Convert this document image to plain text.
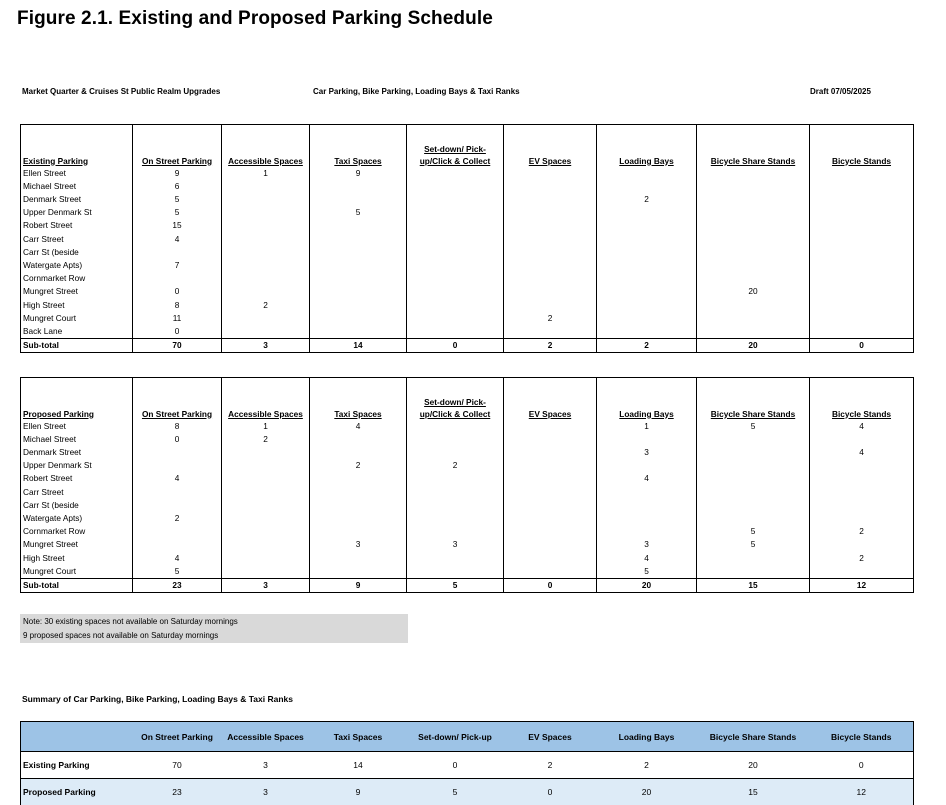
Figure 2.1. Existing and Proposed Parking Schedule
Market Quarter & Cruises St Public Realm Upgrades	Car Parking, Bike Parking, Loading Bays & Taxi Ranks	Draft 07/05/2025
Existing Parking	On Street Parking	Accessible Spaces	Taxi Spaces	Set-down/ Pick-up/Click & Collect	EV Spaces	Loading Bays	Bicycle Share Stands	Bicycle Stands
Ellen Street	9	1	9					
Michael Street	6							
Denmark Street	5					2		
Upper Denmark St	5		5					
Robert Street	15							
Carr Street	4							
Carr St (beside								
Watergate Apts)	7							
Cornmarket Row								
Mungret Street	0						20	
High Street	8	2						
Mungret Court	11				2			
Back Lane	0							
Sub-total	70	3	14	0	2	2	20	0
Proposed Parking	On Street Parking	Accessible Spaces	Taxi Spaces	Set-down/ Pick-up/Click & Collect	EV Spaces	Loading Bays	Bicycle Share Stands	Bicycle Stands
Ellen Street	8	1	4			1	5	4
Michael Street	0	2						
Denmark Street						3		4
Upper Denmark St			2	2				
Robert Street	4					4		
Carr Street								
Carr St (beside								
Watergate Apts)	2							
Cornmarket Row							5	2
Mungret Street			3	3		3	5	
High Street	4					4		2
Mungret Court	5					5		
Sub-total	23	3	9	5	0	20	15	12
Note: 30 existing spaces not available on Saturday mornings
9 proposed spaces not available on Saturday mornings
Summary of Car Parking, Bike Parking, Loading Bays & Taxi Ranks
	On Street Parking	Accessible Spaces	Taxi Spaces	Set-down/ Pick-up	EV Spaces	Loading Bays	Bicycle Share Stands	Bicycle Stands
Existing Parking	70	3	14	0	2	2	20	0
Proposed Parking	23	3	9	5	0	20	15	12
